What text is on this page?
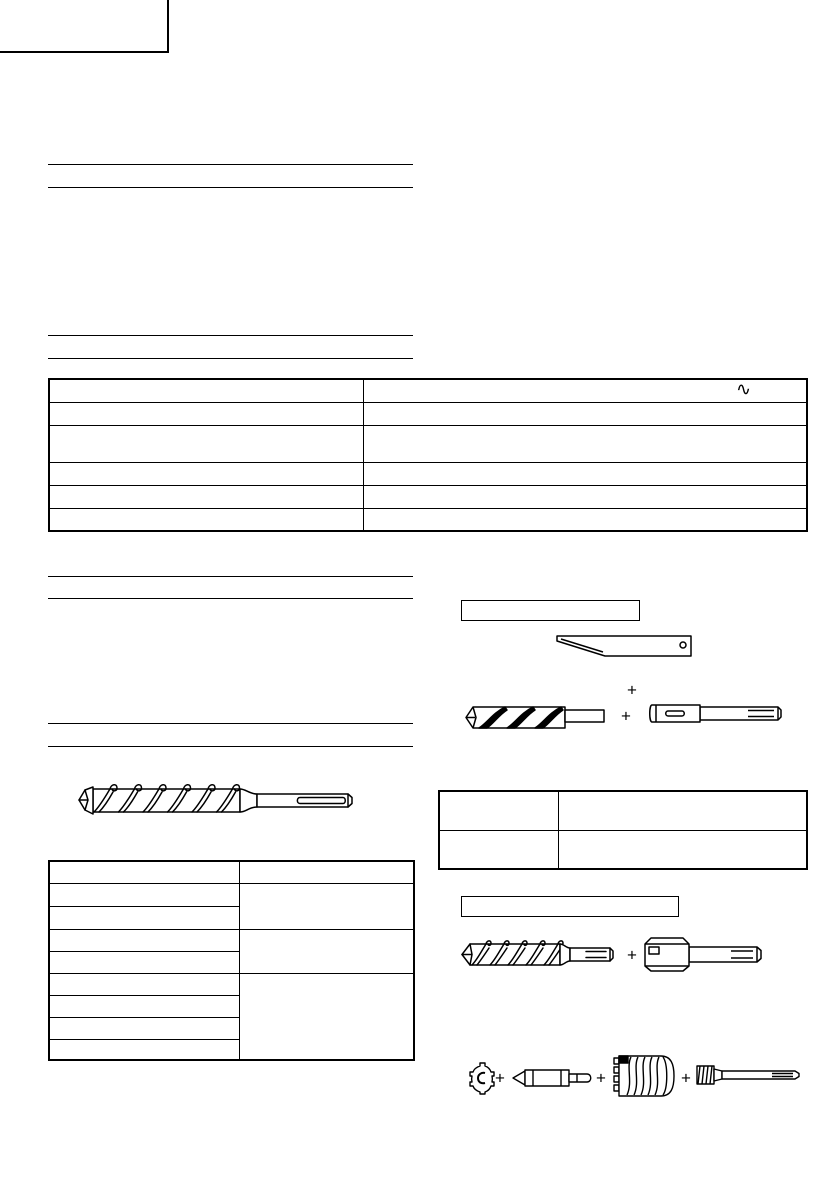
	∿

+
+

+
+	+	+
